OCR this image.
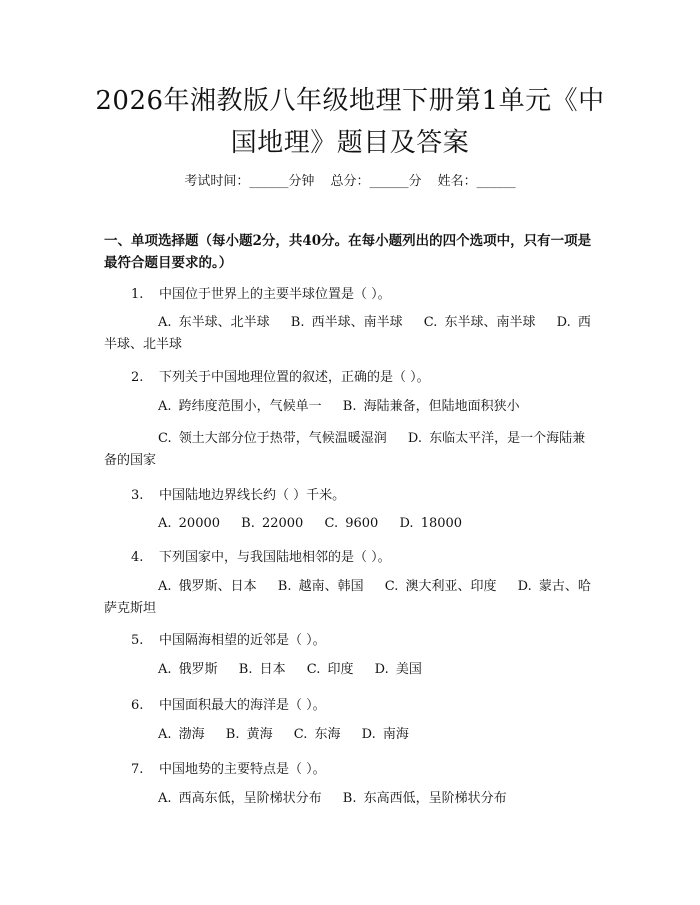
2026年湘教版八年级地理下册第1单元《中
国地理》题目及答案
考试时间：______分钟 总分：______分 姓名：______
一、单项选择题（每小题2分，共40分。在每小题列出的四个选项中，只有一项是最符合题目要求的。）
1. 中国位于世界上的主要半球位置是（ ）。
A. 东半球、北半球 B. 西半球、南半球 C. 东半球、南半球 D. 西半球、北半球
2. 下列关于中国地理位置的叙述，正确的是（ ）。
A. 跨纬度范围小，气候单一 B. 海陆兼备，但陆地面积狭小
C. 领土大部分位于热带，气候温暖湿润 D. 东临太平洋，是一个海陆兼备的国家
3. 中国陆地边界线长约（ ）千米。
A. 20000 B. 22000 C. 9600 D. 18000
4. 下列国家中，与我国陆地相邻的是（ ）。
A. 俄罗斯、日本 B. 越南、韩国 C. 澳大利亚、印度 D. 蒙古、哈萨克斯坦
5. 中国隔海相望的近邻是（ ）。
A. 俄罗斯 B. 日本 C. 印度 D. 美国
6. 中国面积最大的海洋是（ ）。
A. 渤海 B. 黄海 C. 东海 D. 南海
7. 中国地势的主要特点是（ ）。
A. 西高东低，呈阶梯状分布 B. 东高西低，呈阶梯状分布
